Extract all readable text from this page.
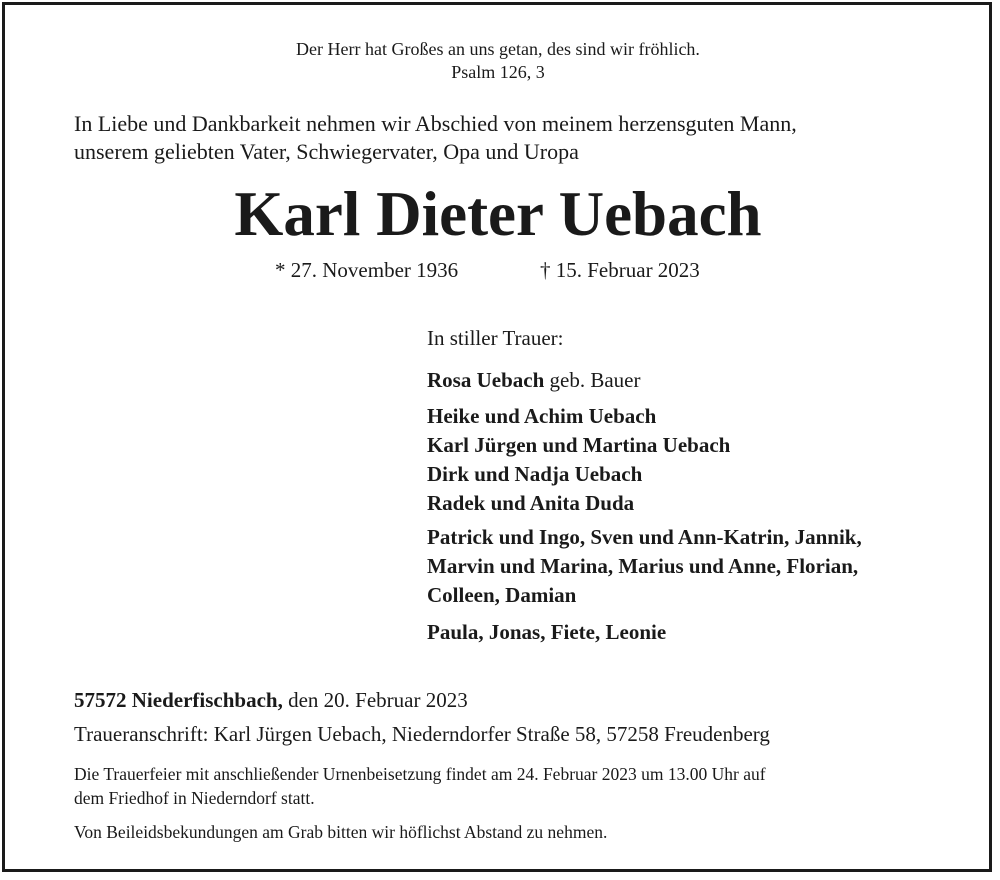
Der Herr hat Großes an uns getan, des sind wir fröhlich.
Psalm 126, 3
In Liebe und Dankbarkeit nehmen wir Abschied von meinem herzensguten Mann,
unserem geliebten Vater, Schwiegervater, Opa und Uropa
Karl Dieter Uebach
* 27. November 1936	† 15. Februar 2023
In stiller Trauer:
Rosa Uebach geb. Bauer
Heike und Achim Uebach
Karl Jürgen und Martina Uebach
Dirk und Nadja Uebach
Radek und Anita Duda
Patrick und Ingo, Sven und Ann-Katrin, Jannik,
Marvin und Marina, Marius und Anne, Florian,
Colleen, Damian
Paula, Jonas, Fiete, Leonie
57572 Niederfischbach, den 20. Februar 2023
Traueranschrift: Karl Jürgen Uebach, Niederndorfer Straße 58, 57258 Freudenberg
Die Trauerfeier mit anschließender Urnenbeisetzung findet am 24. Februar 2023 um 13.00 Uhr auf
dem Friedhof in Niederndorf statt.
Von Beileidsbekundungen am Grab bitten wir höflichst Abstand zu nehmen.
